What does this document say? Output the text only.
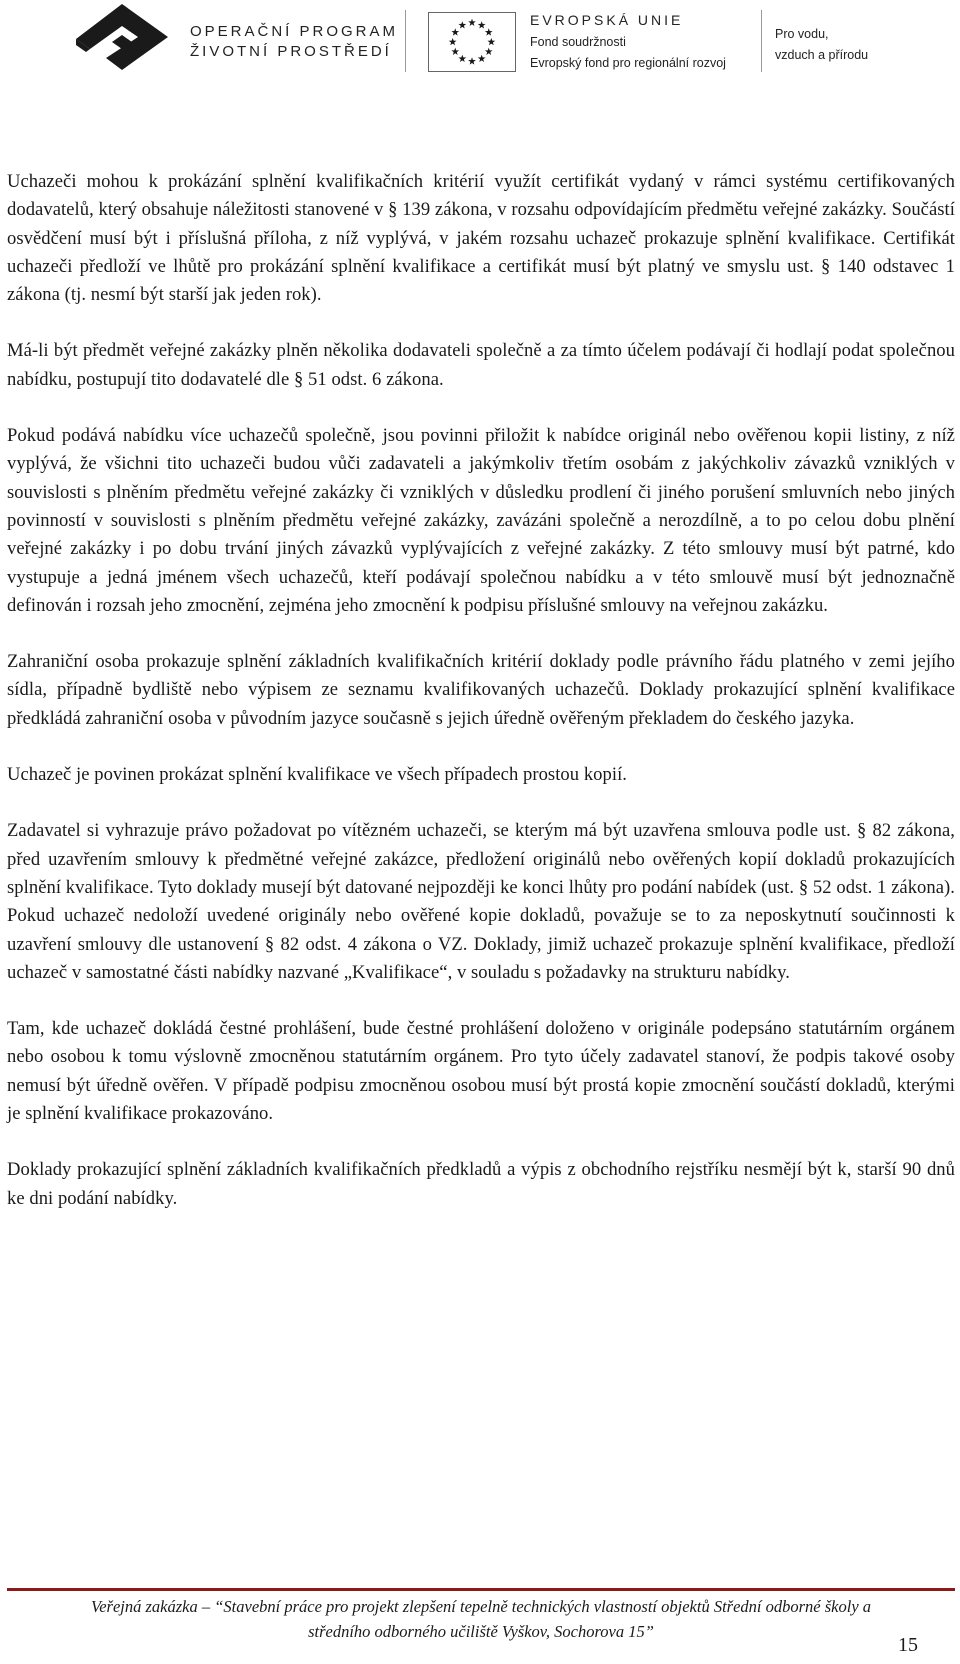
OPERAČNÍ PROGRAM
ŽIVOTNÍ PROSTŘEDÍ
EVROPSKÁ UNIE
Fond soudržnosti
Evropský fond pro regionální rozvoj
Pro vodu,
vzduch a přírodu

Uchazeči mohou k prokázání splnění kvalifikačních kritérií využít certifikát vydaný v rámci systému certifikovaných dodavatelů, který obsahuje náležitosti stanovené v § 139 zákona, v rozsahu odpovídajícím předmětu veřejné zakázky. Součástí osvědčení musí být i příslušná příloha, z níž vyplývá, v jakém rozsahu uchazeč prokazuje splnění kvalifikace. Certifikát uchazeči předloží ve lhůtě pro prokázání splnění kvalifikace a certifikát musí být platný ve smyslu ust. § 140 odstavec 1 zákona (tj. nesmí být starší jak jeden rok).

Má-li být předmět veřejné zakázky plněn několika dodavateli společně a za tímto účelem podávají či hodlají podat společnou nabídku, postupují tito dodavatelé dle § 51 odst. 6 zákona.

Pokud podává nabídku více uchazečů společně, jsou povinni přiložit k nabídce originál nebo ověřenou kopii listiny, z níž vyplývá, že všichni tito uchazeči budou vůči zadavateli a jakýmkoliv třetím osobám z jakýchkoliv závazků vzniklých v souvislosti s plněním předmětu veřejné zakázky či vzniklých v důsledku prodlení či jiného porušení smluvních nebo jiných povinností v souvislosti s plněním předmětu veřejné zakázky, zavázáni společně a nerozdílně, a to po celou dobu plnění veřejné zakázky i po dobu trvání jiných závazků vyplývajících z veřejné zakázky. Z této smlouvy musí být patrné, kdo vystupuje a jedná jménem všech uchazečů, kteří podávají společnou nabídku a v této smlouvě musí být jednoznačně definován i rozsah jeho zmocnění, zejména jeho zmocnění k podpisu příslušné smlouvy na veřejnou zakázku.

Zahraniční osoba prokazuje splnění základních kvalifikačních kritérií doklady podle právního řádu platného v zemi jejího sídla, případně bydliště nebo výpisem ze seznamu kvalifikovaných uchazečů. Doklady prokazující splnění kvalifikace předkládá zahraniční osoba v původním jazyce současně s jejich úředně ověřeným překladem do českého jazyka.

Uchazeč je povinen prokázat splnění kvalifikace ve všech případech prostou kopií.

Zadavatel si vyhrazuje právo požadovat po vítězném uchazeči, se kterým má být uzavřena smlouva podle ust. § 82 zákona, před uzavřením smlouvy k předmětné veřejné zakázce, předložení originálů nebo ověřených kopií dokladů prokazujících splnění kvalifikace. Tyto doklady musejí být datované nejpozději ke konci lhůty pro podání nabídek (ust. § 52 odst. 1 zákona). Pokud uchazeč nedoloží uvedené originály nebo ověřené kopie dokladů, považuje se to za neposkytnutí součinnosti k uzavření smlouvy dle ustanovení § 82 odst. 4 zákona o VZ. Doklady, jimiž uchazeč prokazuje splnění kvalifikace, předloží uchazeč v samostatné části nabídky nazvané „Kvalifikace“, v souladu s požadavky na strukturu nabídky.

Tam, kde uchazeč dokládá čestné prohlášení, bude čestné prohlášení doloženo v originále podepsáno statutárním orgánem nebo osobou k tomu výslovně zmocněnou statutárním orgánem. Pro tyto účely zadavatel stanoví, že podpis takové osoby nemusí být úředně ověřen. V případě podpisu zmocněnou osobou musí být prostá kopie zmocnění součástí dokladů, kterými je splnění kvalifikace prokazováno.

Doklady prokazující splnění základních kvalifikačních předkladů a výpis z obchodního rejstříku nesmějí být k, starší 90 dnů ke dni podání nabídky.

Veřejná zakázka – “Stavební práce pro projekt zlepšení tepelně technických vlastností objektů Střední odborné školy a
středního odborného učiliště Vyškov, Sochorova 15”
15
